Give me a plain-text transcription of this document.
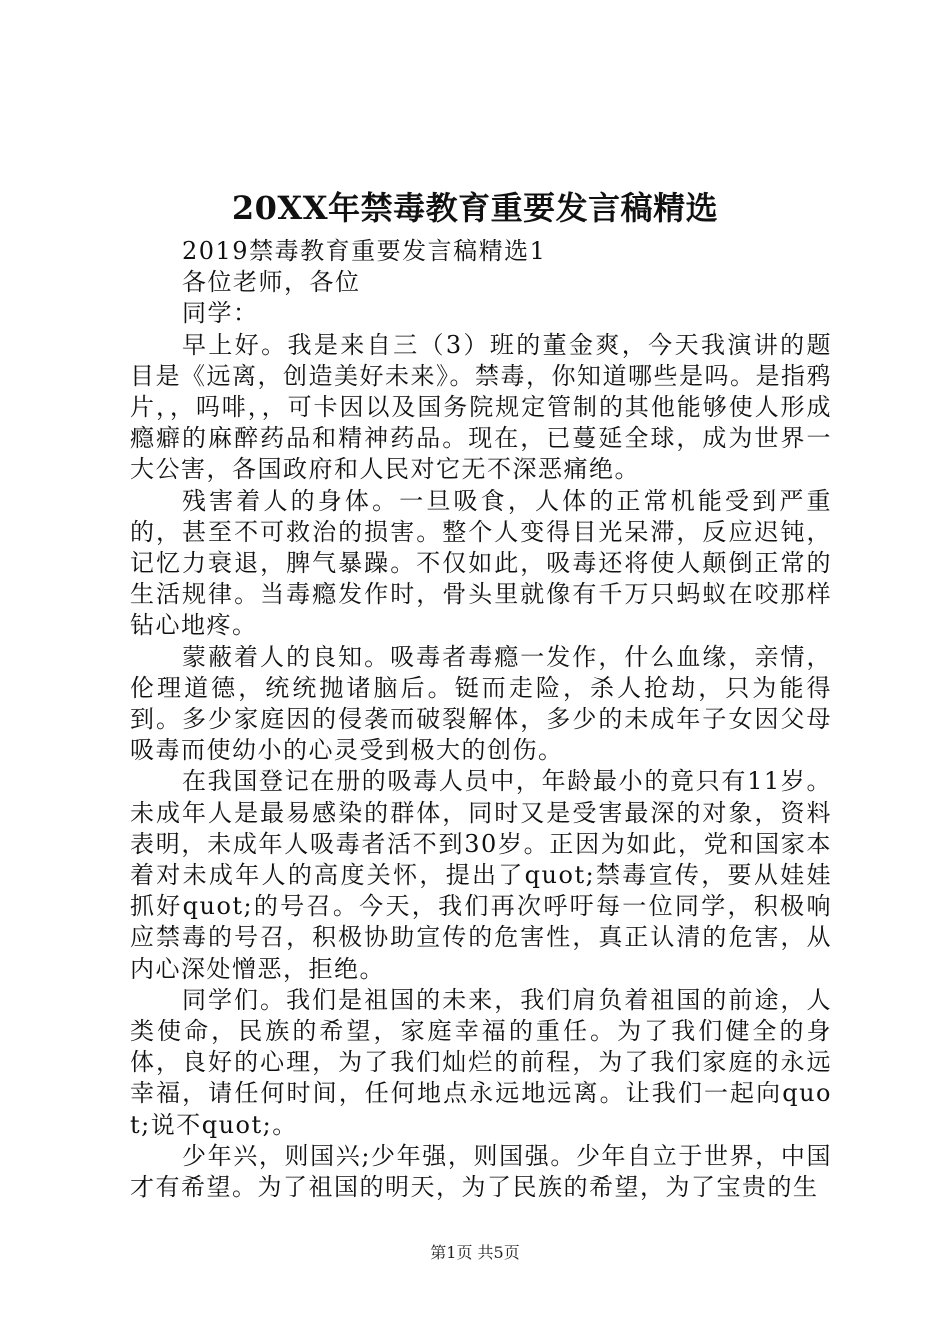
20XX年禁毒教育重要发言稿精选

2019禁毒教育重要发言稿精选1

各位老师，各位

同学：

早上好。我是来自三（3）班的董金爽，今天我演讲的题目是《远离，创造美好未来》。禁毒，你知道哪些是吗。是指鸦片，，吗啡，，可卡因以及国务院规定管制的其他能够使人形成瘾癖的麻醉药品和精神药品。现在，已蔓延全球，成为世界一大公害，各国政府和人民对它无不深恶痛绝。

残害着人的身体。一旦吸食，人体的正常机能受到严重的，甚至不可救治的损害。整个人变得目光呆滞，反应迟钝，记忆力衰退，脾气暴躁。不仅如此，吸毒还将使人颠倒正常的生活规律。当毒瘾发作时，骨头里就像有千万只蚂蚁在咬那样钻心地疼。

蒙蔽着人的良知。吸毒者毒瘾一发作，什么血缘，亲情，伦理道德，统统抛诸脑后。铤而走险，杀人抢劫，只为能得到。多少家庭因的侵袭而破裂解体，多少的未成年子女因父母吸毒而使幼小的心灵受到极大的创伤。

在我国登记在册的吸毒人员中，年龄最小的竟只有11岁。未成年人是最易感染的群体，同时又是受害最深的对象，资料表明，未成年人吸毒者活不到30岁。正因为如此，党和国家本着对未成年人的高度关怀，提出了quot;禁毒宣传，要从娃娃抓好quot;的号召。今天，我们再次呼吁每一位同学，积极响应禁毒的号召，积极协助宣传的危害性，真正认清的危害，从内心深处憎恶，拒绝。

同学们。我们是祖国的未来，我们肩负着祖国的前途，人类使命，民族的希望，家庭幸福的重任。为了我们健全的身体，良好的心理，为了我们灿烂的前程，为了我们家庭的永远幸福，请任何时间，任何地点永远地远离。让我们一起向quot;说不quot;。

少年兴，则国兴;少年强，则国强。少年自立于世界，中国才有希望。为了祖国的明天，为了民族的希望，为了宝贵的生

第1页 共5页
